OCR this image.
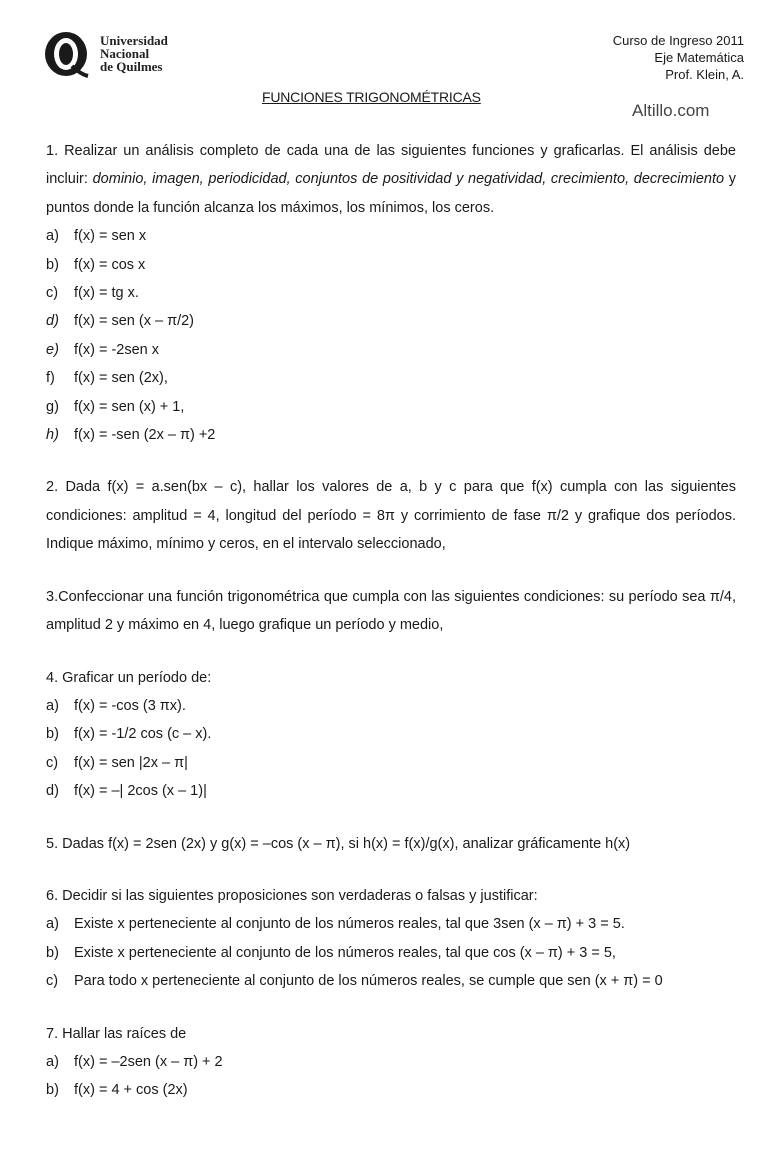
Universidad
Nacional
de Quilmes
Curso de Ingreso 2011
Eje Matemática
Prof. Klein, A.
FUNCIONES TRIGONOMÉTRICAS
Altillo.com

1. Realizar un análisis completo de cada una de las siguientes funciones y graficarlas. El análisis debe incluir: dominio, imagen, periodicidad, conjuntos de positividad y negatividad, crecimiento, decrecimiento y puntos donde la función alcanza los máximos, los mínimos, los ceros.

a) f(x) = sen x

b) f(x) = cos x

c) f(x) = tg x.

d) f(x) = sen (x – π/2)

e) f(x) = -2sen x

f) f(x) = sen (2x),

g) f(x) = sen (x) + 1,

h) f(x) = -sen (2x – π) +2

2. Dada f(x) = a.sen(bx – c), hallar los valores de a, b y c para que f(x) cumpla con las siguientes condiciones: amplitud = 4, longitud del período = 8π y corrimiento de fase π/2 y grafique dos períodos. Indique máximo, mínimo y ceros, en el intervalo seleccionado,

3.Confeccionar una función trigonométrica que cumpla con las siguientes condiciones: su período sea π/4, amplitud 2 y máximo en 4, luego grafique un período y medio,

4. Graficar un período de:

a) f(x) = -cos (3 πx).

b) f(x) = -1/2 cos (c – x).

c) f(x) = sen |2x – π|

d) f(x) = –| 2cos (x – 1)|

5. Dadas f(x) = 2sen (2x) y g(x) = –cos (x – π), si h(x) = f(x)/g(x), analizar gráficamente h(x)

6. Decidir si las siguientes proposiciones son verdaderas o falsas y justificar:

a) Existe x perteneciente al conjunto de los números reales, tal que 3sen (x – π) + 3 = 5.

b) Existe x perteneciente al conjunto de los números reales, tal que cos (x – π) + 3 = 5,

c) Para todo x perteneciente al conjunto de los números reales, se cumple que sen (x + π) = 0

7. Hallar las raíces de

a) f(x) = –2sen (x – π) + 2

b) f(x) = 4 + cos (2x)
